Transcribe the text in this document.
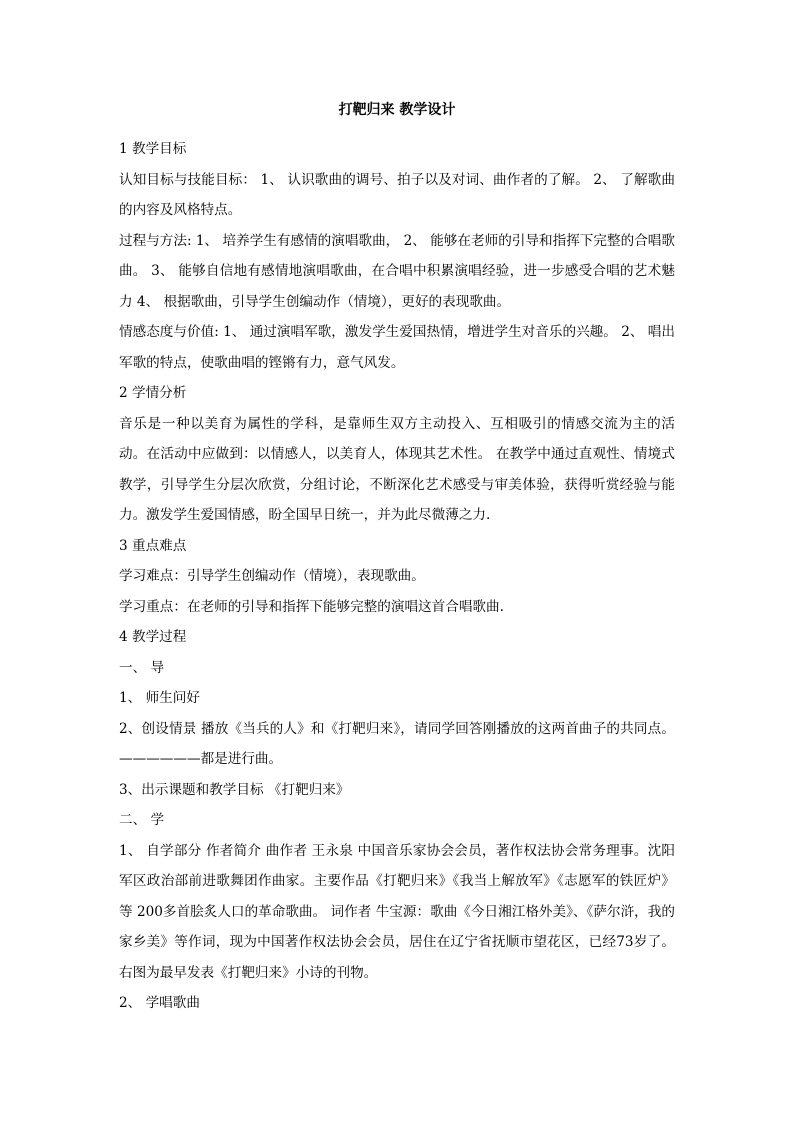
打靶归来 教学设计

1 教学目标

认知目标与技能目标： 1、 认识歌曲的调号、拍子以及对词、曲作者的了解。 2、 了解歌曲的内容及风格特点。

过程与方法: 1、 培养学生有感情的演唱歌曲， 2、 能够在老师的引导和指挥下完整的合唱歌曲。 3、 能够自信地有感情地演唱歌曲，在合唱中积累演唱经验，进一步感受合唱的艺术魅力 4、 根据歌曲，引导学生创编动作（情境），更好的表现歌曲。

情感态度与价值: 1、 通过演唱军歌，激发学生爱国热情，增进学生对音乐的兴趣。 2、 唱出军歌的特点，使歌曲唱的铿锵有力，意气风发。

2 学情分析

音乐是一种以美育为属性的学科，是靠师生双方主动投入、互相吸引的情感交流为主的活动。在活动中应做到：以情感人，以美育人，体现其艺术性。 在教学中通过直观性、情境式教学，引导学生分层次欣赏，分组讨论，不断深化艺术感受与审美体验，获得听赏经验与能力。激发学生爱国情感，盼全国早日统一，并为此尽微薄之力.

3 重点难点

学习难点：引导学生创编动作（情境），表现歌曲。

学习重点：在老师的引导和指挥下能够完整的演唱这首合唱歌曲.

4 教学过程

一、 导

1、 师生问好

2、创设情景 播放《当兵的人》和《打靶归来》，请同学回答刚播放的这两首曲子的共同点。——————都是进行曲。

3、出示课题和教学目标 《打靶归来》

二、 学

1、 自学部分 作者简介 曲作者 王永泉 中国音乐家协会会员，著作权法协会常务理事。沈阳军区政治部前进歌舞团作曲家。主要作品《打靶归来》《我当上解放军》《志愿军的铁匠炉》等 200多首脍炙人口的革命歌曲。 词作者 牛宝源：歌曲《今日湘江格外美》、《萨尔浒，我的家乡美》等作词，现为中国著作权法协会会员，居住在辽宁省抚顺市望花区，已经73岁了。右图为最早发表《打靶归来》小诗的刊物。

2、 学唱歌曲
